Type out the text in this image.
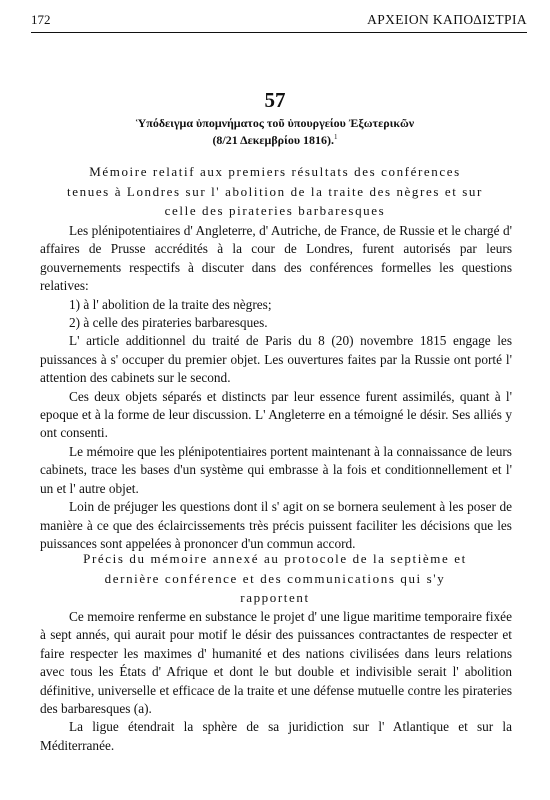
172	ΑΡΧΕΙΟΝ ΚΑΠΟΔΙΣΤΡΙΑ
57
Ὑπόδειγμα ὑπομνήματος τοῦ ὑπουργείου Ἐξωτερικῶν
(8/21 Δεκεμβρίου 1816).$^1$
Mémoire relatif aux premiers résultats des conférences
tenues à Londres sur l' abolition de la traite des nègres et sur
celle des pirateries barbaresques

Les plénipotentiaires d' Angleterre, d' Autriche, de France, de Russie et le chargé d' affaires de Prusse accrédités à la cour de Londres, furent autorisés par leurs gouvernements respectifs à discuter dans des conférences formelles les questions relatives:

1) à l' abolition de la traite des nègres;

2) à celle des pirateries barbaresques.

L' article additionnel du traité de Paris du 8 (20) novembre 1815 engage les puissances à s' occuper du premier objet. Les ouvertures faites par la Russie ont porté l' attention des cabinets sur le second.

Ces deux objets séparés et distincts par leur essence furent assimilés, quant à l' epoque et à la forme de leur discussion. L' Angleterre en a témoigné le désir. Ses alliés y ont consenti.

Le mémoire que les plénipotentiaires portent maintenant à la connaissance de leurs cabinets, trace les bases d'un système qui embrasse à la fois et conditionnellement et l' un et l' autre objet.

Loin de préjuger les questions dont il s' agit on se bornera seulement à les poser de manière à ce que des éclaircissements très précis puissent faciliter les décisions que les puissances sont appelées à prononcer d'un commun accord.

Précis du mémoire annexé au protocole de la septième et
dernière conférence et des communications qui s'y
rapportent

Ce memoire renferme en substance le projet d' une ligue maritime temporaire fixée à sept annés, qui aurait pour motif le désir des puissances contractantes de respecter et faire respecter les maximes d' humanité et des nations civilisées dans leurs relations avec tous les États d' Afrique et dont le but double et indivisible serait l' abolition définitive, universelle et efficace de la traite et une défense mutuelle contre les pirateries des barbaresques (a).

La ligue étendrait la sphère de sa juridiction sur l' Atlantique et sur la Méditerranée.
